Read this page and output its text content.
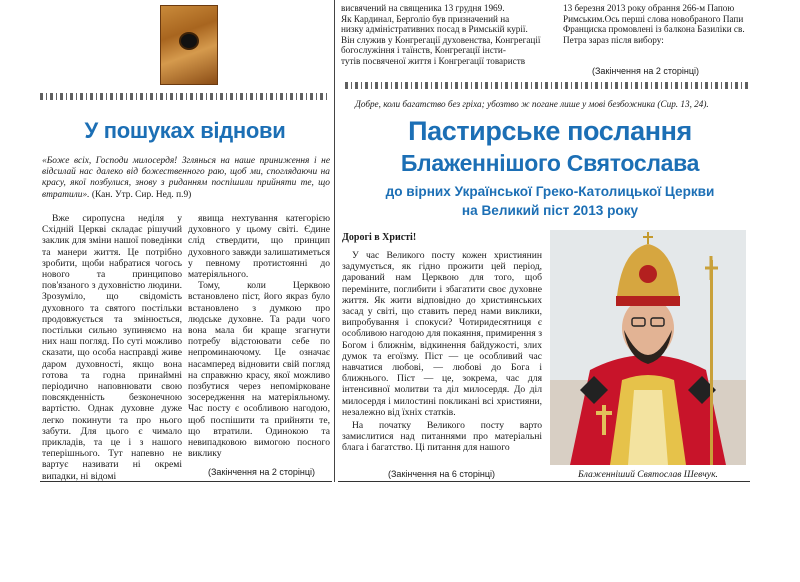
висвячений на священика 13 грудня 1969.
Як Кардинал, Берголіо був призначений на
низку адміністративних посад в Римській курії.
Він служив у Конгрегації духовенства, Конгрегації
богослужіння і таїнств, Конгрегації інсти-
тутів посвяченої життя і Конгрегації товариств
13 березня 2013 року обрання 266-м Папою
Римським.Ось перші слова новобраного Папи
Франциска промовлені із балкона Базиліки св.
Петра зараз після вибору:
(Закінчення на 2 сторінці)
Добре, коли багатство без гріха; убозтво ж погане лише у мові безбожника (Сир. 13, 24).
У пошуках віднови
«Боже всіх, Господи милосердя! Зглянься на наше приниження і не відсилай нас далеко від божественного раю, щоб ми, споглядаючи на красу, якої позбулися, знову з риданням поспішили прийняти те, що втратили». (Кан. Утр. Сир. Нед. п.9)

Вже сиропусна неділя у Східній Церкві складає рішучий заклик для зміни нашої поведінки та манери життя. Це потрібно зробити, щоби набратися чогось нового та принципово пов'язаного з духовністю людини. Зрозуміло, що свідомість духовного та святого постільки продовжується та змінюється, постільки сильно зупиняємо на них наш погляд. По суті можливо сказати, що особа насправді живе даром духовності, якщо вона готова та годна принаймні періодично наповнювати свою повсякденність безконечною вартістю. Однак духовне дуже легко покинути та про нього забути. Для цього є чимало прикладів, та це і з нашого теперішнього. Тут напевно не вартує називати ні окремі випадки, ні відомі

явища нехтування категорією духовного у цьому світі. Єдине слід ствердити, що принцип духовного завжди залишатиметься у певному протистоянні до матеріяльного.

Тому, коли Церквою встановлено піст, його якраз було встановлено з думкою про людське духовне. Та ради чого вона мала би краще згагнути потребу відстоювати себе по непроминаючому. Це означає насамперед відновити свій погляд на справжню красу, якої можливо позбутися через непомірковане зосередження на матеріяльному. Час посту є особливою нагодою, щоб поспішити та прийняти те, що втратили. Одинокою та невипадковою вимогою посного виклику

(Закінчення на 2 сторінці)
Пастирське послання
Блаженнішого Святослава
до вірних Української Греко-Католицької Церкви
на Великий піст 2013 року
Дорогі в Христі!

У час Великого посту кожен християнин задумується, як гідно прожити цей період, дарований нам Церквою для того, щоб переміните, поглибити і збагатити своє духовне життя. Як жити відповідно до християнських засад у світі, що ставить перед нами виклики, випробування і спокуси? Чотиридесятниця є особливою нагодою для покаяння, примирення з Богом і ближнім, відкинення байдужості, злих думок та егоїзму. Піст — це особливий час навчатися любові, — любові до Бога і ближнього. Піст — це, зокрема, час для інтенсивної молитви та діл милосердя. До діл милосердя і милостині покликані всі християни, незалежно від їхніх статків.

На початку Великого посту варто замислитися над питаннями про матеріальні блага і багатство. Ці питання для нашого

(Закінчення на 6 сторінці)	Блаженніший Святослав Шевчук.
